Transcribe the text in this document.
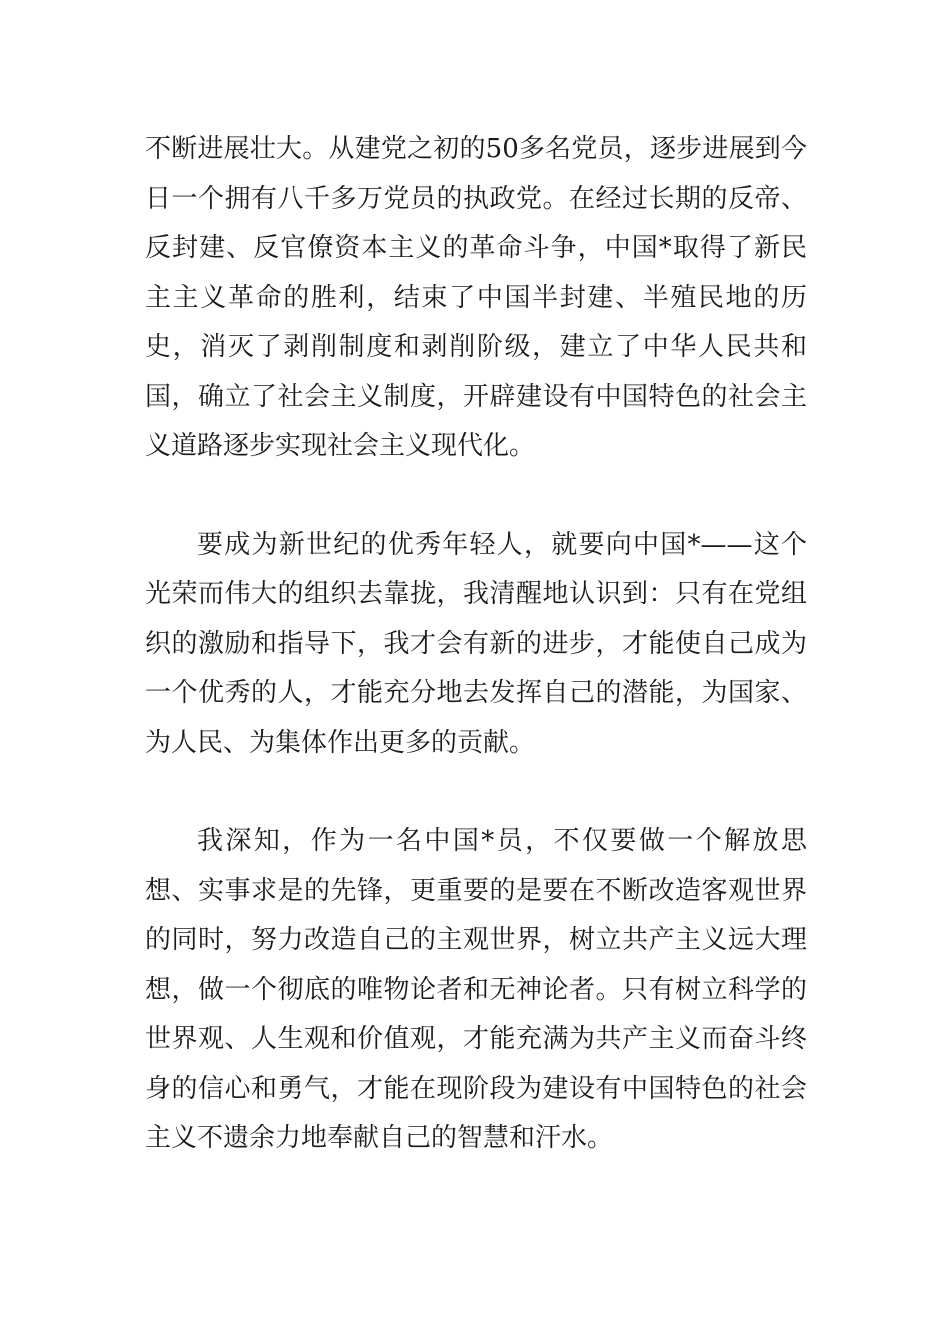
不断进展壮大。从建党之初的50多名党员，逐步进展到今日一个拥有八千多万党员的执政党。在经过长期的反帝、反封建、反官僚资本主义的革命斗争，中国*取得了新民主主义革命的胜利，结束了中国半封建、半殖民地的历史，消灭了剥削制度和剥削阶级，建立了中华人民共和国，确立了社会主义制度，开辟建设有中国特色的社会主义道路逐步实现社会主义现代化。

要成为新世纪的优秀年轻人，就要向中国*——这个光荣而伟大的组织去靠拢，我清醒地认识到：只有在党组织的激励和指导下，我才会有新的进步，才能使自己成为一个优秀的人，才能充分地去发挥自己的潜能，为国家、为人民、为集体作出更多的贡献。

我深知，作为一名中国*员，不仅要做一个解放思想、实事求是的先锋，更重要的是要在不断改造客观世界的同时，努力改造自己的主观世界，树立共产主义远大理想，做一个彻底的唯物论者和无神论者。只有树立科学的世界观、人生观和价值观，才能充满为共产主义而奋斗终身的信心和勇气，才能在现阶段为建设有中国特色的社会主义不遗余力地奉献自己的智慧和汗水。
